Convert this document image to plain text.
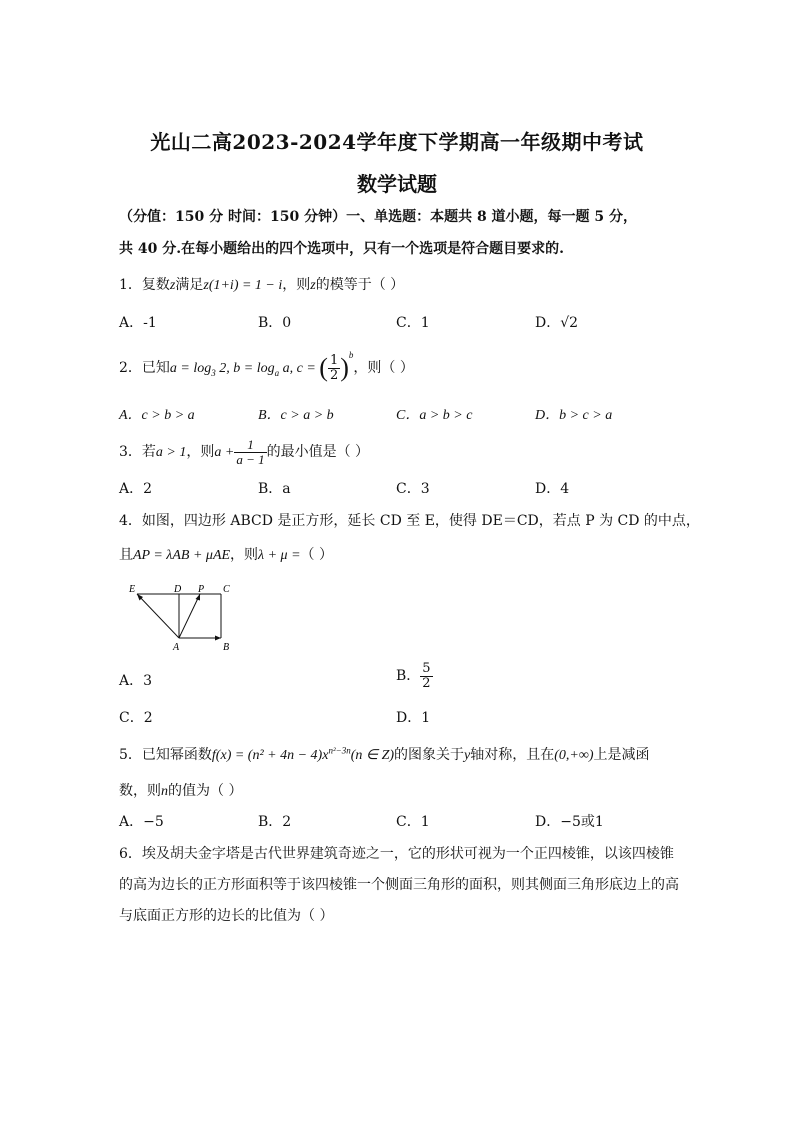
光山二高2023-2024学年度下学期高一年级期中考试
数学试题
（分值：150 分 时间：150 分钟）一、单选题：本题共 8 道小题，每一题 5 分，
共 40 分.在每小题给出的四个选项中，只有一个选项是符合题目要求的.
1．复数z满足z(1+i) = 1 − i，则z的模等于（ ）
A．-1	B．0	C．1	D．√2
2．已知$a = \log_3 2$, $b = \log_a a$, c = ( $\frac{1}{2} )^b$，则（ ）
A．c > b > a	B．c > a > b	C．a > b > c	D．b > c > a
3．若a > 1，则$a + \frac{1}{a - 1}$ 的最小值是（ ）
A．2	B．a	C．3	D．4
4．如图，四边形 ABCD 是正方形，延长 CD 至 E，使得 DE＝CD，若点 P 为 CD 的中点，
且AP = λAB + μAE，则λ + μ =（ ）
E	D P C
A	B
A．3	B． $\frac{5}{2}$
C．2	D．1
5．已知幂函数$f(x) = (n^2 + 4n - 4)x^{n^2-3n}(n$ ∈ Z)的图象关于y轴对称，且在(0,+∞)上是减函
数，则n的值为（ ）
A．−5	B．2	C．1	D．−5或1
6．埃及胡夫金字塔是古代世界建筑奇迹之一，它的形状可视为一个正四棱锥，以该四棱锥
的高为边长的正方形面积等于该四棱锥一个侧面三角形的面积，则其侧面三角形底边上的高
与底面正方形的边长的比值为（ ）
